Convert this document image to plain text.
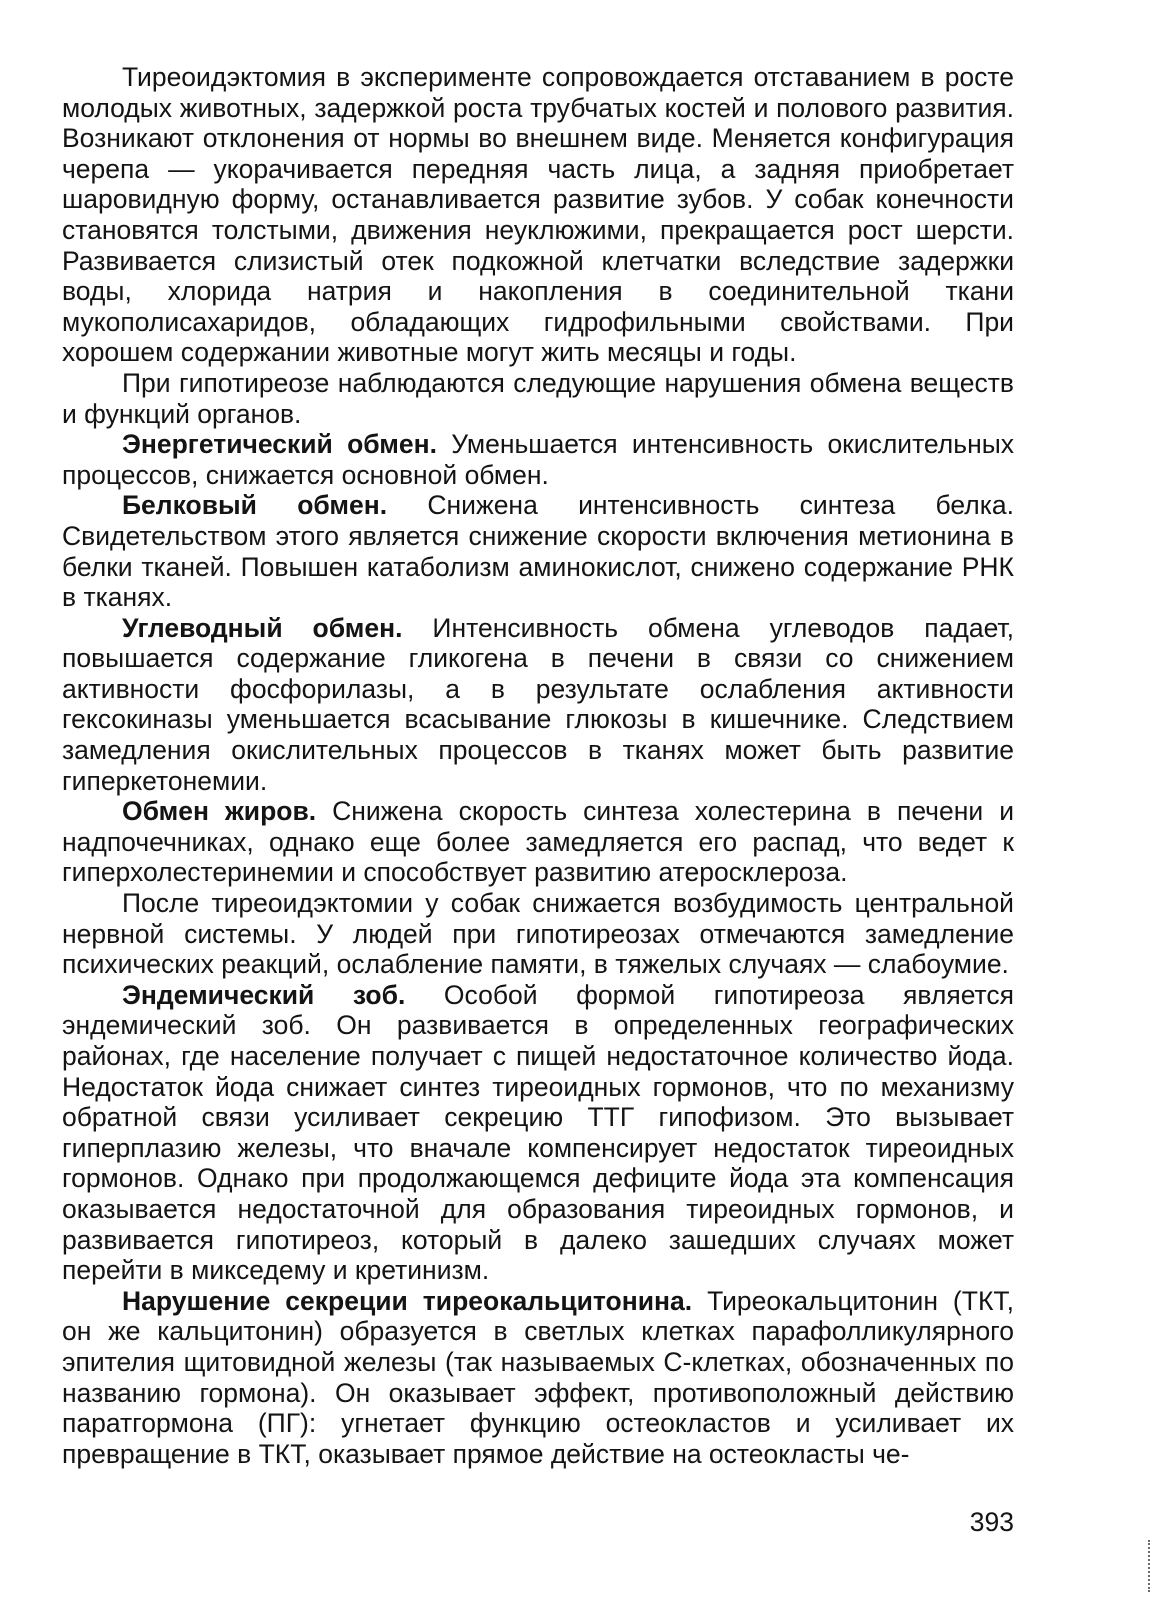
Тиреоидэктомия в эксперименте сопровождается отставанием в росте молодых животных, задержкой роста трубчатых костей и полового развития. Возникают отклонения от нормы во внешнем виде. Меняется конфигурация черепа — укорачивается передняя часть лица, а задняя приобретает шаровидную форму, останавливается развитие зубов. У собак конечности становятся толстыми, движения неуклюжими, прекращается рост шерсти. Развивается слизистый отек подкожной клетчатки вследствие задержки воды, хлорида натрия и накопления в соединительной ткани мукополисахаридов, обладающих гидрофильными свойствами. При хорошем содержании животные могут жить месяцы и годы.

При гипотиреозе наблюдаются следующие нарушения обмена веществ и функций органов.

Энергетический обмен. Уменьшается интенсивность окислительных процессов, снижается основной обмен.

Белковый обмен. Снижена интенсивность синтеза белка. Свидетельством этого является снижение скорости включения метионина в белки тканей. Повышен катаболизм аминокислот, снижено содержание РНК в тканях.

Углеводный обмен. Интенсивность обмена углеводов падает, повышается содержание гликогена в печени в связи со снижением активности фосфорилазы, а в результате ослабления активности гексокиназы уменьшается всасывание глюкозы в кишечнике. Следствием замедления окислительных процессов в тканях может быть развитие гиперкетонемии.

Обмен жиров. Снижена скорость синтеза холестерина в печени и надпочечниках, однако еще более замедляется его распад, что ведет к гиперхолестеринемии и способствует развитию атеросклероза.

После тиреоидэктомии у собак снижается возбудимость центральной нервной системы. У людей при гипотиреозах отмечаются замедление психических реакций, ослабление памяти, в тяжелых случаях — слабоумие.

Эндемический зоб. Особой формой гипотиреоза является эндемический зоб. Он развивается в определенных географических районах, где население получает с пищей недостаточное количество йода. Недостаток йода снижает синтез тиреоидных гормонов, что по механизму обратной связи усиливает секрецию ТТГ гипофизом. Это вызывает гиперплазию железы, что вначале компенсирует недостаток тиреоидных гормонов. Однако при продолжающемся дефиците йода эта компенсация оказывается недостаточной для образования тиреоидных гормонов, и развивается гипотиреоз, который в далеко зашедших случаях может перейти в микседему и кретинизм.

Нарушение секреции тиреокальцитонина. Тиреокальцитонин (ТКТ, он же кальцитонин) образуется в светлых клетках парафолликулярного эпителия щитовидной железы (так называемых С-клетках, обозначенных по названию гормона). Он оказывает эффект, противоположный действию паратгормона (ПГ): угнетает функцию остеокластов и усиливает их превращение в ТКТ, оказывает прямое действие на остеокласты че-

393
